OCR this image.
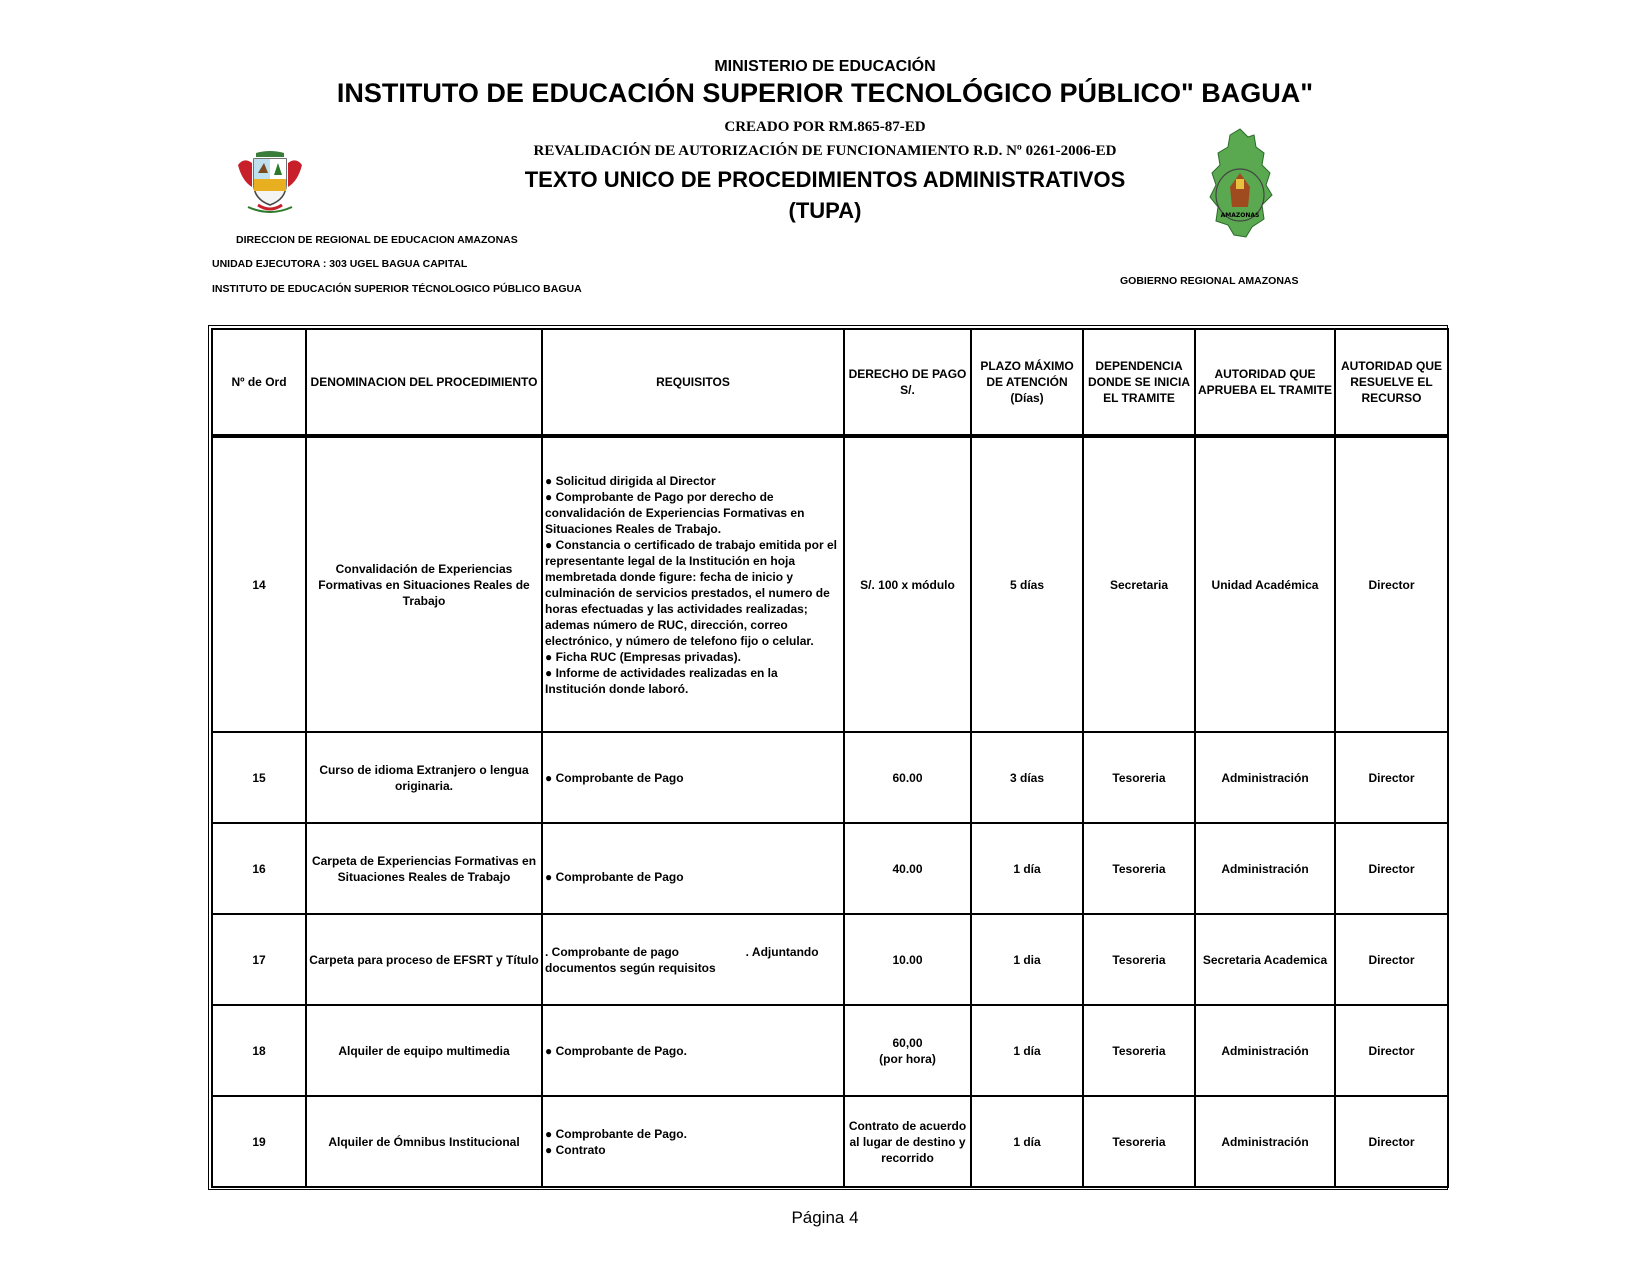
MINISTERIO DE EDUCACIÓN
INSTITUTO DE EDUCACIÓN SUPERIOR TECNOLÓGICO PÚBLICO" BAGUA"
CREADO POR RM.865-87-ED
REVALIDACIÓN DE AUTORIZACIÓN DE FUNCIONAMIENTO R.D. Nº 0261-2006-ED
TEXTO UNICO DE PROCEDIMIENTOS ADMINISTRATIVOS
(TUPA)	AMAZONAS
DIRECCION DE REGIONAL DE EDUCACION AMAZONAS
UNIDAD EJECUTORA : 303 UGEL BAGUA CAPITAL
INSTITUTO DE EDUCACIÓN SUPERIOR TÉCNOLOGICO PÚBLICO BAGUA
GOBIERNO REGIONAL AMAZONAS
Nº de Ord	DENOMINACION DEL PROCEDIMIENTO	REQUISITOS	DERECHO DE PAGO S/.	PLAZO MÁXIMO DE ATENCIÓN (Días)	DEPENDENCIA DONDE SE INICIA EL TRAMITE	AUTORIDAD QUE APRUEBA EL TRAMITE	AUTORIDAD QUE RESUELVE EL RECURSO
14	Convalidación de Experiencias Formativas en Situaciones Reales de Trabajo	● Solicitud dirigida al Director
● Comprobante de Pago por derecho de convalidación de Experiencias Formativas en Situaciones Reales de Trabajo.
● Constancia o certificado de trabajo emitida por el representante legal de la Institución en hoja membretada donde figure: fecha de inicio y culminación de servicios prestados, el numero de horas efectuadas y las actividades realizadas; ademas número de RUC, dirección, correo electrónico, y número de telefono fijo o celular.
● Ficha RUC (Empresas privadas).
● Informe de actividades realizadas en la Institución donde laboró.	S/. 100 x módulo	5 días	Secretaria	Unidad Académica	Director
15	Curso de idioma Extranjero o lengua originaria.	● Comprobante de Pago	60.00	3 días	Tesoreria	Administración	Director
16	Carpeta de Experiencias Formativas en Situaciones Reales de Trabajo	● Comprobante de Pago	40.00	1 día	Tesoreria	Administración	Director
17	Carpeta para proceso de EFSRT y Título	. Comprobante de pago                    . Adjuntando documentos según requisitos	10.00	1 dia	Tesoreria	Secretaria Academica	Director
18	Alquiler de equipo multimedia	● Comprobante de Pago.	60,00
(por hora)	1 día	Tesoreria	Administración	Director
19	Alquiler de Ómnibus Institucional	● Comprobante de Pago.
● Contrato	Contrato de acuerdo al lugar de destino y recorrido	1 día	Tesoreria	Administración	Director
Página 4
